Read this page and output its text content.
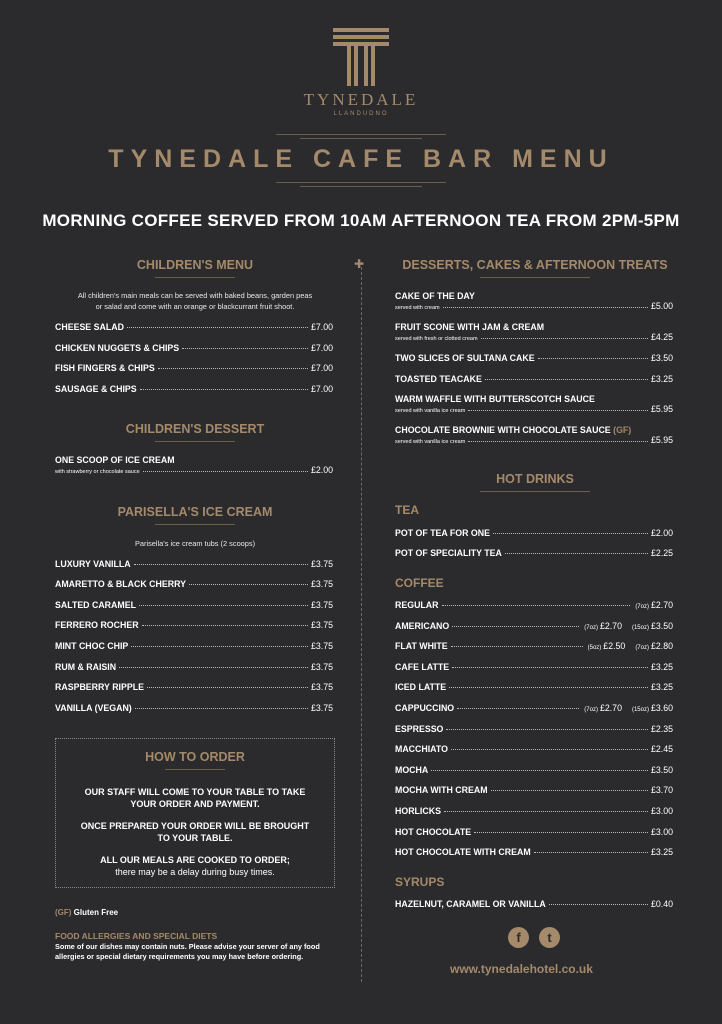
TYNEDALE
LLANDUDNO
TYNEDALE CAFE BAR MENU
MORNING COFFEE SERVED FROM 10AM AFTERNOON TEA FROM 2PM-5PM
✚
CHILDREN'S MENU
All children's main meals can be served with baked beans, garden peas
or salad and come with an orange or blackcurrant fruit shoot.
CHEESE SALAD	£7.00
CHICKEN NUGGETS & CHIPS	£7.00
FISH FINGERS & CHIPS	£7.00
SAUSAGE & CHIPS	£7.00
CHILDREN'S DESSERT
ONE SCOOP OF ICE CREAM
with strawberry or chocolate sauce	£2.00
PARISELLA'S ICE CREAM
Parisella's ice cream tubs (2 scoops)
LUXURY VANILLA	£3.75
AMARETTO & BLACK CHERRY	£3.75
SALTED CARAMEL	£3.75
FERRERO ROCHER	£3.75
MINT CHOC CHIP	£3.75
RUM & RAISIN	£3.75
RASPBERRY RIPPLE	£3.75
VANILLA (VEGAN)	£3.75
HOW TO ORDER

OUR STAFF WILL COME TO YOUR TABLE TO TAKE
YOUR ORDER AND PAYMENT.

ONCE PREPARED YOUR ORDER WILL BE BROUGHT
TO YOUR TABLE.

ALL OUR MEALS ARE COOKED TO ORDER;
there may be a delay during busy times.

(GF) Gluten Free
FOOD ALLERGIES AND SPECIAL DIETS
Some of our dishes may contain nuts. Please advise your server of any food allergies or special dietary requirements you may have before ordering.
DESSERTS, CAKES & AFTERNOON TREATS
CAKE OF THE DAY
served with cream	£5.00
FRUIT SCONE WITH JAM & CREAM
served with fresh or clotted cream	£4.25
TWO SLICES OF SULTANA CAKE	£3.50
TOASTED TEACAKE	£3.25
WARM WAFFLE WITH BUTTERSCOTCH SAUCE
served with vanilla ice cream	£5.95
CHOCOLATE BROWNIE WITH CHOCOLATE SAUCE (GF)
served with vanilla ice cream	£5.95
HOT DRINKS
TEA
POT OF TEA FOR ONE	£2.00
POT OF SPECIALITY TEA	£2.25
COFFEE
REGULAR	(7oz) £2.70
AMERICANO	(7oz) £2.70 (15oz) £3.50
FLAT WHITE	(5oz) £2.50 (7oz) £2.80
CAFE LATTE	£3.25
ICED LATTE	£3.25
CAPPUCCINO	(7oz) £2.70 (15oz) £3.60
ESPRESSO	£2.35
MACCHIATO	£2.45
MOCHA	£3.50
MOCHA WITH CREAM	£3.70
HORLICKS	£3.00
HOT CHOCOLATE	£3.00
HOT CHOCOLATE WITH CREAM	£3.25
SYRUPS
HAZELNUT, CARAMEL OR VANILLA	£0.40
f	t
www.tynedalehotel.co.uk
